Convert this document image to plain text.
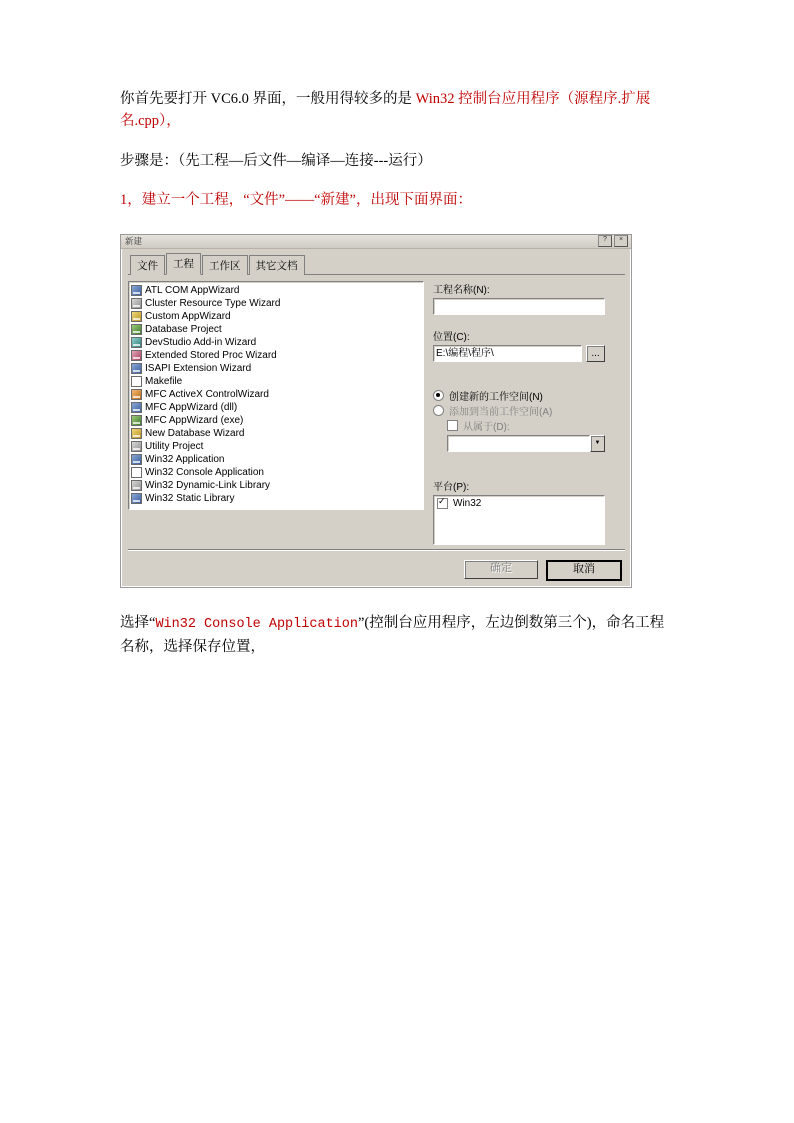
你首先要打开 VC6.0 界面，一般用得较多的是 Win32 控制台应用程序（源程序.扩展名.cpp），

步骤是：（先工程—后文件—编译—连接---运行）

1，建立一个工程，“文件”——“新建”，出现下面界面：

新建	?	×
文件	工程	工作区	其它文档
ATL COM AppWizard
Cluster Resource Type Wizard
Custom AppWizard
Database Project
DevStudio Add-in Wizard
Extended Stored Proc Wizard
ISAPI Extension Wizard
Makefile
MFC ActiveX ControlWizard
MFC AppWizard (dll)
MFC AppWizard (exe)
New Database Wizard
Utility Project
Win32 Application
Win32 Console Application
Win32 Dynamic-Link Library
Win32 Static Library
工程名称(N):
位置(C):
E:\编程\程序\	...
创建新的工作空间(N)
添加到当前工作空间(A)
从属于(D):
▼
平台(P):
✓
Win32
确定	取消

选择“Win32 Console Application”(控制台应用程序，左边倒数第三个)，命名工程名称，选择保存位置，
